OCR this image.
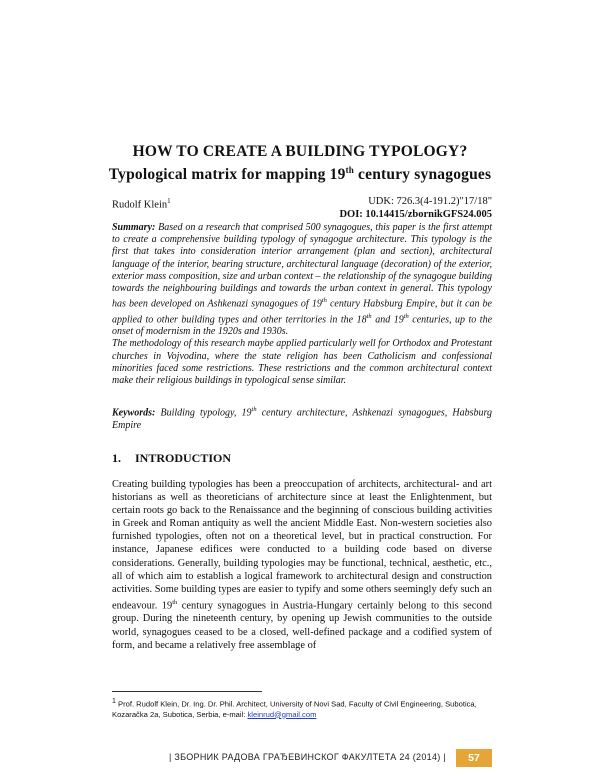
HOW TO CREATE A BUILDING TYPOLOGY?
Typological matrix for mapping 19th century synagogues
Rudolf Klein$^1$	UDK: 726.3(4-191.2)"17/18"
DOI: 10.14415/zbornikGFS24.005

Summary: Based on a research that comprised 500 synagogues, this paper is the first attempt to create a comprehensive building typology of synagogue architecture. This typology is the first that takes into consideration interior arrangement (plan and section), architectural language of the interior, bearing structure, architectural language (decoration) of the exterior, exterior mass composition, size and urban context – the relationship of the synagogue building towards the neighbouring buildings and towards the urban context in general. This typology has been developed on Ashkenazi synagogues of 19th century Habsburg Empire, but it can be applied to other building types and other territories in the 18th and 19th centuries, up to the onset of modernism in the 1920s and 1930s.

The methodology of this research maybe applied particularly well for Orthodox and Protestant churches in Vojvodina, where the state religion has been Catholicism and confessional minorities faced some restrictions. These restrictions and the common architectural context make their religious buildings in typological sense similar.

Keywords: Building typology, 19th century architecture, Ashkenazi synagogues, Habsburg Empire
1. INTRODUCTION

Creating building typologies has been a preoccupation of architects, architectural- and art historians as well as theoreticians of architecture since at least the Enlightenment, but certain roots go back to the Renaissance and the beginning of conscious building activities in Greek and Roman antiquity as well the ancient Middle East. Non-western societies also furnished typologies, often not on a theoretical level, but in practical construction. For instance, Japanese edifices were conducted to a building code based on diverse considerations. Generally, building typologies may be functional, technical, aesthetic, etc., all of which aim to establish a logical framework to architectural design and construction activities. Some building types are easier to typify and some others seemingly defy such an endeavour. 19th century synagogues in Austria-Hungary certainly belong to this second group. During the nineteenth century, by opening up Jewish communities to the outside world, synagogues ceased to be a closed, well-defined package and a codified system of form, and became a relatively free assemblage of

$^1$ Prof. Rudolf Klein, Dr. Ing. Dr. Phil. Architect, University of Novi Sad, Faculty of Civil Engineering, Subotica, Kozaračka 2a, Subotica, Serbia, e-mail: kleinrud@gmail.com
| ЗБОРНИК РАДОВА ГРАЂЕВИНСКОГ ФАКУЛТЕТА 24 (2014) |	57
